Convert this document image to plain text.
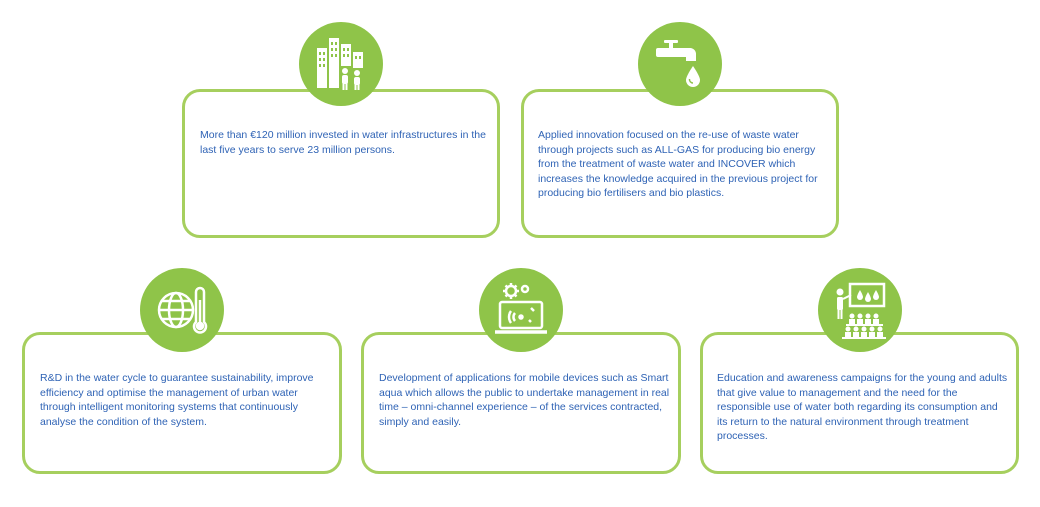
More than €120 million invested in water infrastructures in the last five years to serve 23 million persons.
Applied innovation focused on the re-use of waste water through projects such as ALL-GAS for producing bio energy from the treatment of waste water and INCOVER which increases the knowledge acquired in the previous project for producing bio fertilisers and bio plastics.
R&D in the water cycle to guarantee sustainability, improve efficiency and optimise the management of urban water through intelligent monitoring systems that continuously analyse the condition of the system.
Development of applications for mobile devices such as Smart aqua which allows the public to undertake management in real time – omni-channel experience – of the services contracted, simply and easily.
Education and awareness campaigns for the young and adults that give value to management and the need for the responsible use of water both regarding its consumption and its return to the natural environment through treatment processes.
